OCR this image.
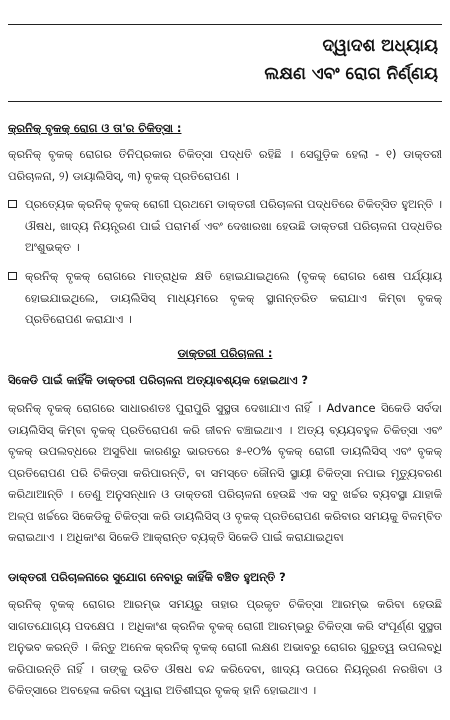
ଦ୍ୱାଦଶ ଅଧ୍ୟାୟ
ଲକ୍ଷଣ ଏବଂ ରୋଗ ନିର୍ଣ୍ଣୟ
କ୍ରନିକ୍ ବୃକକ୍ ରୋଗ ଓ ତା'ର ଚିକିତ୍ସା :
କ୍ରନିକ୍ ବୃକକ୍ ରୋଗର ତିନିପ୍ରକାର ଚିକିତ୍ସା ପଦ୍ଧତି ରହିଛି । ସେଗୁଡ଼ିକ ହେଲା - ୧) ଡାକ୍ତରୀ ପରିଚାଳନା, ୨) ଡାୟାଲିସିସ୍, ୩) ବୃକକ୍ ପ୍ରତିରୋପଣ ।
ପ୍ରତ୍ୟେକ କ୍ରନିକ୍ ବୃକକ୍ ରୋଗୀ ପ୍ରଥମେ ଡାକ୍ତରୀ ପରିଚାଳନା ପଦ୍ଧତିରେ ଚିକିତ୍ସିତ ହୁଅନ୍ତି । ଔଷଧ, ଖାଦ୍ୟ ନିୟନ୍ତ୍ରଣ ପାଇଁ ପରାମର୍ଶ ଏବଂ ଦେଖାରଖା ହେଉଛି ଡାକ୍ତରୀ ପରିଚାଳନା ପଦ୍ଧତିର ଅଂଶୁଭକ୍ତ ।
କ୍ରନିକ୍ ବୃକକ୍ ରୋଗରେ ମାତ୍ରାଧିକ କ୍ଷତି ହୋଇଯାଇଥିଲେ (ବୃକକ୍ ରୋଗର ଶେଷ ପର୍ଯ୍ୟାୟ ହୋଇଯାଇଥିଲେ, ଡାୟଲିସିସ୍ ମାଧ୍ୟମରେ ବୃକକ୍ ସ୍ଥାନାନ୍ତରିତ କରାଯାଏ କିମ୍ବା ବୃକକ୍ ପ୍ରତିରୋପଣ କରାଯାଏ ।
ଡାକ୍ତରୀ ପରିଚାଳନା :
ସିକେଡି ପାଇଁ କାହିଁକି ଡାକ୍ତରୀ ପରିଚାଳନା ଅତ୍ୟାବଶ୍ୟକ ହୋଇଥାଏ ?
କ୍ରନିକ୍ ବୃକକ୍ ରୋଗରେ ସାଧାରଣତଃ ପୁରାପୁରି ସୁସ୍ଥତା ଦେଖାଯାଏ ନାହିଁ । Advance ସିକେଡି ସର୍ବଦା ଡାୟଲିସିସ୍ କିମ୍ବା ବୃକକ୍ ପ୍ରତିରୋପଣ କରି ଜୀବନ ବଞ୍ଚାଇଥାଏ । ଅତ୍ୟ ବ୍ୟୟବହୁଳ ଚିକିତ୍ସା ଏବଂ ବୃକକ୍ ଉପଲବ୍ଧରେ ଅସୁବିଧା କାରଣରୁ ଭାରତରେ ୫-୧୦% ବୃକକ୍ ରୋଗୀ ଡାୟଲିସିସ୍ ଏବଂ ବୃକକ୍ ପ୍ରତିରୋପଣ ପରି ଚିକିତ୍ସା କରିପାରନ୍ତି, ବା ସମସ୍ତେ ଜୌନସି ସ୍ଥାୟୀ ଚିକିତ୍ସା ନପାଇ ମୃତ୍ୟୁବରଣ କରିଥାଆନ୍ତି । ତେଣୁ ଅନୁସନ୍ଧାନ ଓ ଡାକ୍ତରୀ ପରିଚାଳନା ହେଉଛି ଏକ ସବୁ ଖର୍ଚ୍ଚର ବ୍ୟବସ୍ଥା ଯାହାକି ଅଳ୍ପ ଖର୍ଚ୍ଚରେ ସିକେଡିକୁ ଚିକିତ୍ସା କରି ଡାୟଲିସିସ୍ ଓ ବୃକକ୍ ପ୍ରତିରୋପଣ କରିବାର ସମୟକୁ ବିଳମ୍ବିତ କରାଇଥାଏ । ଅଧିକାଂଶ ସିକେଡି ଆକ୍ରାନ୍ତ ବ୍ୟକ୍ତି ସିକେଡି ପାଇଁ କରାଯାଇଥିବା
ଡାକ୍ତରୀ ପରିଚାଳନାରେ ସୁଯୋଗ ନେବାରୁ କାହିଁକି ବଞ୍ଚିତ ହୁଅନ୍ତି ?
କ୍ରନିକ୍ ବୃକକ୍ ରୋଗର ଆରମ୍ଭ ସମୟରୁ ତାହାର ପ୍ରକୃତ ଚିକିତ୍ସା ଆରମ୍ଭ କରିବା ହେଉଛି ସାଗତଯୋଗ୍ୟ ପଦକ୍ଷେପ । ଅଧିକାଂଶ କ୍ରନିକ ବୃକକ୍ ରୋଗୀ ଆରମ୍ଭରୁ ଚିକିତ୍ସା କରି ସଂପୂର୍ଣ୍ଣ ସୁସ୍ଥତା ଅନୁଭବ କରନ୍ତି । କିନ୍ତୁ ଅନେକ କ୍ରନିକ୍ ବୃକକ୍ ରୋଗୀ ଲକ୍ଷଣ ଅଭାବରୁ ରୋଗର ଗୁରୁତ୍ୱ ଉପଲବ୍ଧି କରିପାରନ୍ତି ନାହିଁ । ତାଙ୍କୁ ଉଚିତ ଔଷଧ ବନ୍ଦ କରିଦେବା, ଖାଦ୍ୟ ଉପରେ ନିୟନ୍ତ୍ରଣ ନରଖିବା ଓ ଚିକିତ୍ସାରେ ଅବହେଳା କରିବା ଦ୍ୱାରା ଅତିଶୀଘ୍ର ବୃକକ୍ ହାନି ହୋଇଥାଏ ।
